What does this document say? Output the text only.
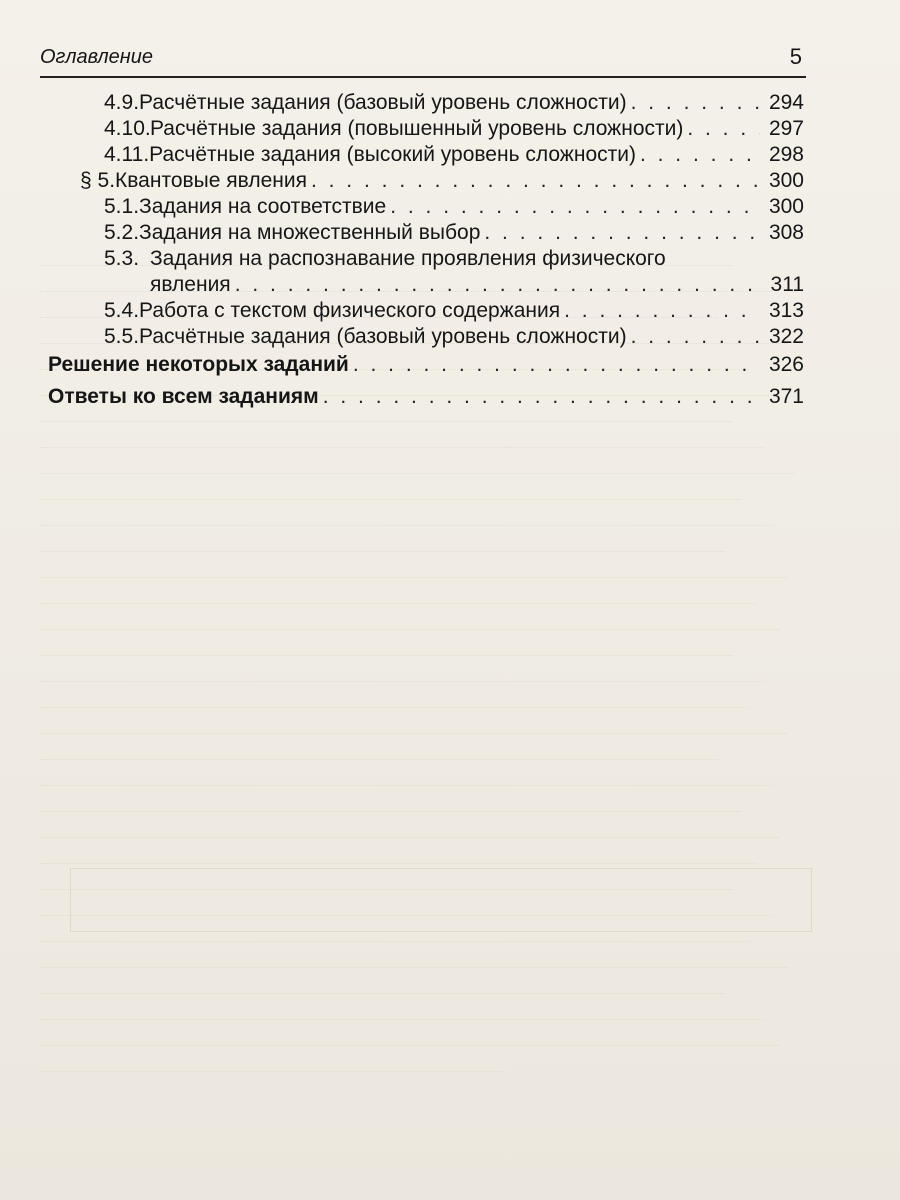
Оглавление	5
4.9. Расчётные задания (базовый уровень сложности) . . .	294
4.10. Расчётные задания (повышенный уровень сложности) . . .	297
4.11. Расчётные задания (высокий уровень сложности) . . .	298
§ 5. Квантовые явления . . .	300
5.1. Задания на соответствие . . .	300
5.2. Задания на множественный выбор . . .	308
5.3. Задания на распознавание проявления физического
явления . . .	311
5.4. Работа с текстом физического содержания . . .	313
5.5. Расчётные задания (базовый уровень сложности) . . .	322
Решение некоторых заданий . . .	326
Ответы ко всем заданиям . . .	371
